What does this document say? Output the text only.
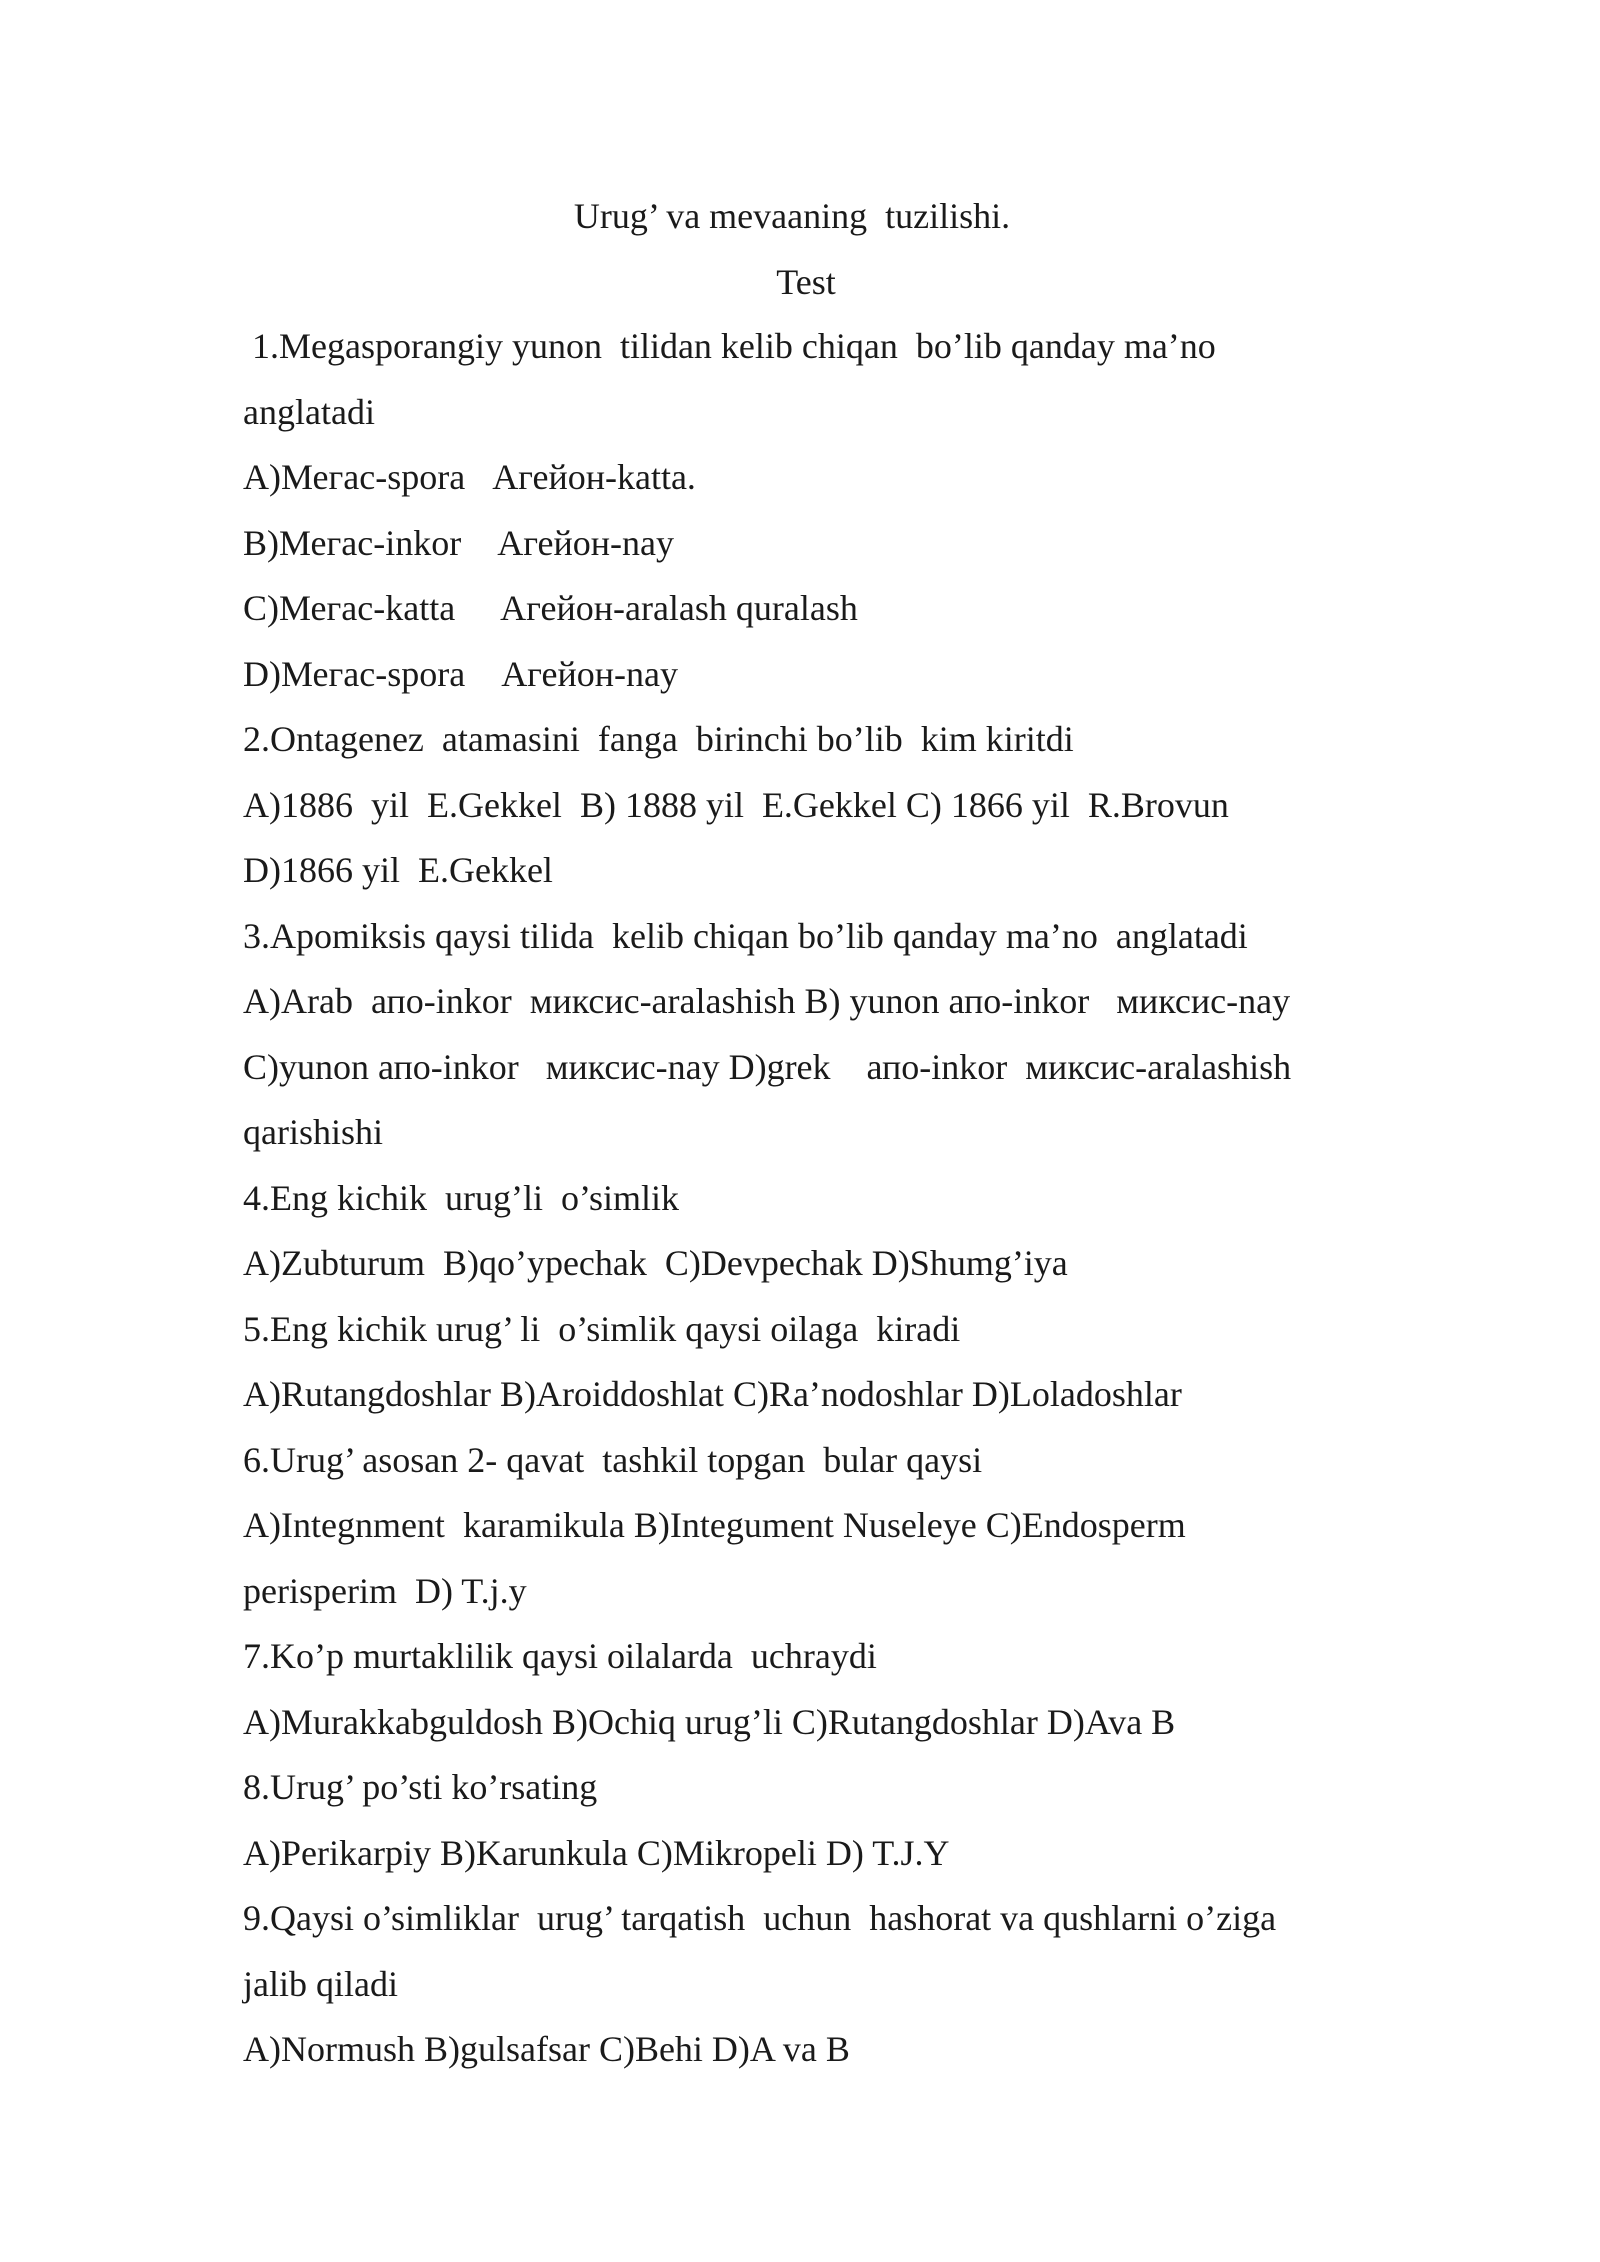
Urug’ va mevaaning  tuzilishi.
Test
1.Megasporangiy yunon  tilidan kelib chiqan  bo’lib qanday ma’no
anglatadi
A)Мегас-spora   Агейон-katta.
B)Мегас-inkor    Агейон-nay
C)Мегас-katta     Агейон-aralash quralash
D)Мегас-spora    Агейон-nay
2.Ontagenez  atamasini  fanga  birinchi bo’lib  kim kiritdi
A)1886  yil  E.Gekkel  B) 1888 yil  E.Gekkel C) 1866 yil  R.Brovun
D)1866 yil  E.Gekkel
3.Apomiksis qaysi tilida  kelib chiqan bo’lib qanday ma’no  anglatadi
A)Arab  апо-inkor  миксис-aralashish B) yunon апо-inkor   миксис-nay
C)yunon апо-inkor   миксис-nay D)grek    апо-inkor  миксис-aralashish
qarishishi
4.Eng kichik  urug’li  o’simlik
A)Zubturum  B)qo’ypechak  C)Devpechak D)Shumg’iya
5.Eng kichik urug’ li  o’simlik qaysi oilaga  kiradi
A)Rutangdoshlar B)Aroiddoshlat C)Ra’nodoshlar D)Loladoshlar
6.Urug’ asosan 2- qavat  tashkil topgan  bular qaysi
A)Integnment  karamikula B)Integument Nuseleye C)Endosperm
perisperim  D) T.j.y
7.Ko’p murtaklilik qaysi oilalarda  uchraydi
A)Murakkabguldosh B)Ochiq urug’li C)Rutangdoshlar D)Ava B
8.Urug’ po’sti ko’rsating
A)Perikarpiy B)Karunkula C)Mikropeli D) T.J.Y
9.Qaysi o’simliklar  urug’ tarqatish  uchun  hashorat va qushlarni o’ziga
jalib qiladi
A)Normush B)gulsafsar C)Behi D)A va B
